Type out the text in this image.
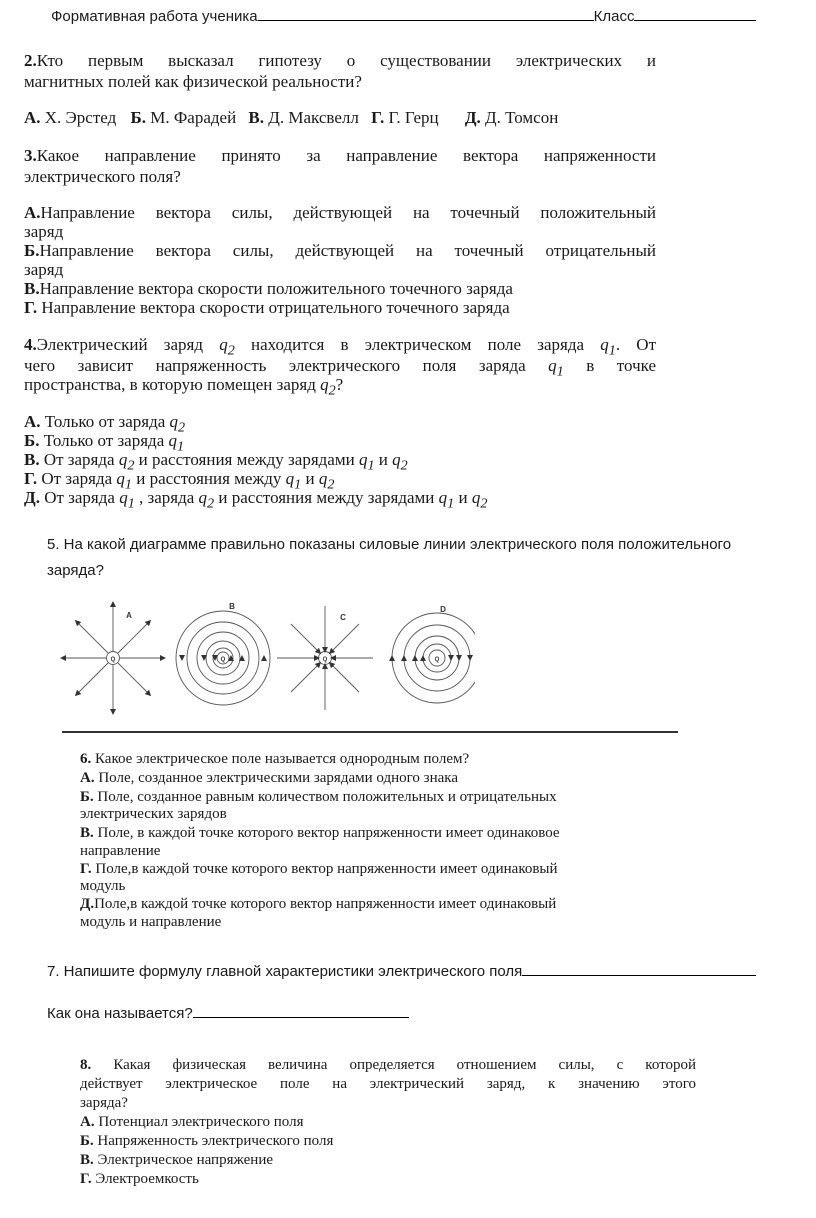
Формативная работа ученика	Класс
2.Кто первым высказал гипотезу о существовании электрических и
магнитных полей как физической реальности?
А. Х. Эрстед Б. М. Фарадей В. Д. Максвелл Г. Г. Герц Д. Д. Томсон
3.Какое направление принято за направление вектора напряженности
электрического поля?
А.Направление вектора силы, действующей на точечный положительный
заряд
Б.Направление вектора силы, действующей на точечный отрицательный
заряд
В.Направление вектора скорости положительного точечного заряда
Г. Направление вектора скорости отрицательного точечного заряда
4.Электрический заряд $q_2$ находится в электрическом поле заряда $q_1$. От
чего зависит напряженность электрического поля заряда $q_1$ в точке
пространства, в которую помещен заряд $q_2$?
А. Только от заряда $q_2$
Б. Только от заряда $q_1$
В. От заряда $q_2$ и расстояния между зарядами $q_1$ и $q_2$
Г. От заряда $q_1$ и расстояния между $q_1$ и $q_2$
Д. От заряда $q_1$ , заряда $q_2$ и расстояния между зарядами $q_1$ и $q_2$
5. На какой диаграмме правильно показаны силовые линии электрического поля положительного
заряда?
A
B
C
D
Q	Q	Q	Q
6. Какое электрическое поле называется однородным полем?
А. Поле, созданное электрическими зарядами одного знака
Б. Поле, созданное равным количеством положительных и отрицательных
электрических зарядов
В. Поле, в каждой точке которого вектор напряженности имеет одинаковое
направление
Г. Поле,в каждой точке которого вектор напряженности имеет одинаковый
модуль
Д.Поле,в каждой точке которого вектор напряженности имеет одинаковый
модуль и направление
7. Напишите формулу главной характеристики электрического поля
Как она называется?
8. Какая физическая величина определяется отношением силы, с которой
действует электрическое поле на электрический заряд, к значению этого
заряда?
А. Потенциал электрического поля
Б. Напряженность электрического поля
В. Электрическое напряжение
Г. Электроемкость
